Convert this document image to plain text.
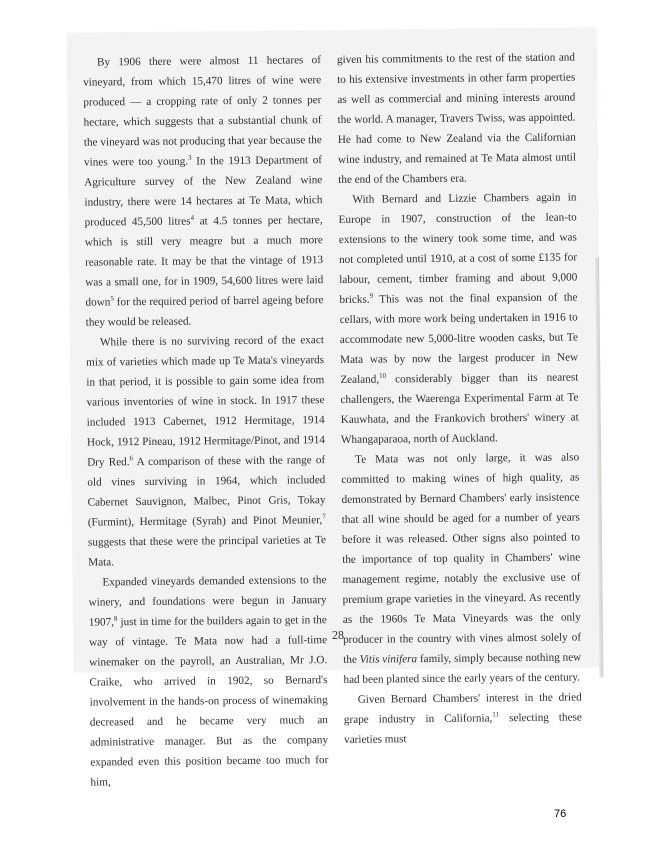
By 1906 there were almost 11 hectares of vineyard, from which 15,470 litres of wine were produced — a cropping rate of only 2 tonnes per hectare, which suggests that a substantial chunk of the vineyard was not producing that year because the vines were too young.$^3$ In the 1913 Department of Agriculture survey of the New Zealand wine industry, there were 14 hectares at Te Mata, which produced 45,500 litres$^4$ at 4.5 tonnes per hectare, which is still very meagre but a much more reasonable rate. It may be that the vintage of 1913 was a small one, for in 1909, 54,600 litres were laid down$^5$ for the required period of barrel ageing before they would be released.

While there is no surviving record of the exact mix of varieties which made up Te Mata's vineyards in that period, it is possible to gain some idea from various inventories of wine in stock. In 1917 these included 1913 Cabernet, 1912 Hermitage, 1914 Hock, 1912 Pineau, 1912 Hermitage/Pinot, and 1914 Dry Red.$^6$ A comparison of these with the range of old vines surviving in 1964, which included Cabernet Sauvignon, Malbec, Pinot Gris, Tokay (Furmint), Hermitage (Syrah) and Pinot Meunier,$^7$ suggests that these were the principal varieties at Te Mata.

Expanded vineyards demanded extensions to the winery, and foundations were begun in January 1907,$^8$ just in time for the builders again to get in the way of vintage. Te Mata now had a full-time winemaker on the payroll, an Australian, Mr J.O. Craike, who arrived in 1902, so Bernard's involvement in the hands-on process of winemaking decreased and he became very much an administrative manager. But as the company expanded even this position became too much for him,

given his commitments to the rest of the station and to his extensive investments in other farm properties as well as commercial and mining interests around the world. A manager, Travers Twiss, was appointed. He had come to New Zealand via the Californian wine industry, and remained at Te Mata almost until the end of the Chambers era.

With Bernard and Lizzie Chambers again in Europe in 1907, construction of the lean-to extensions to the winery took some time, and was not completed until 1910, at a cost of some £135 for labour, cement, timber framing and about 9,000 bricks.$^9$ This was not the final expansion of the cellars, with more work being undertaken in 1916 to accommodate new 5,000-litre wooden casks, but Te Mata was by now the largest producer in New Zealand,$^{10}$ considerably bigger than its nearest challengers, the Waerenga Experimental Farm at Te Kauwhata, and the Frankovich brothers' winery at Whangaparaoa, north of Auckland.

Te Mata was not only large, it was also committed to making wines of high quality, as demonstrated by Bernard Chambers' early insistence that all wine should be aged for a number of years before it was released. Other signs also pointed to the importance of top quality in Chambers' wine management regime, notably the exclusive use of premium grape varieties in the vineyard. As recently as the 1960s Te Mata Vineyards was the only producer in the country with vines almost solely of the Vitis vinifera family, simply because nothing new had been planted since the early years of the century.

Given Bernard Chambers' interest in the dried grape industry in California,$^{11}$ selecting these varieties must

28
76
